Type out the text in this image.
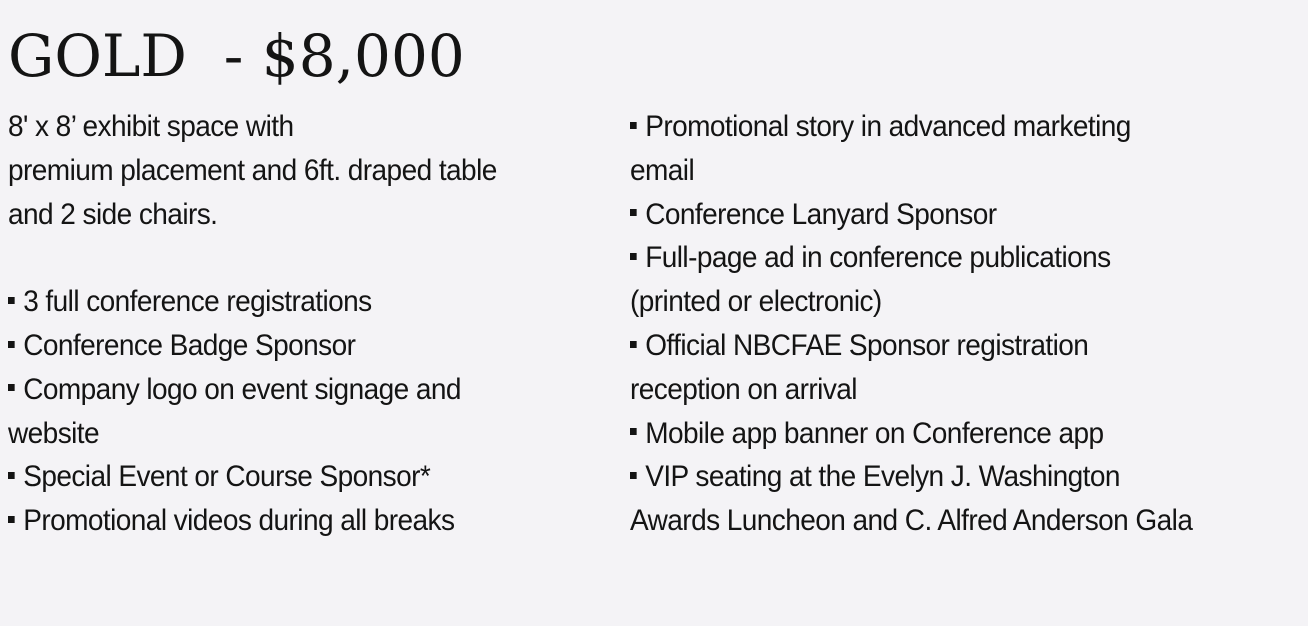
GOLD  - $8,000

8' x 8’ exhibit space with

premium placement and 6ft. draped table

and 2 side chairs.

3 full conference registrations
Conference Badge Sponsor
Company logo on event signage and
website
Special Event or Course Sponsor*
Promotional videos during all breaks
Promotional story in advanced marketing
email
Conference Lanyard Sponsor
Full-page ad in conference publications
(printed or electronic)
Official NBCFAE Sponsor registration
reception on arrival
Mobile app banner on Conference app
VIP seating at the Evelyn J. Washington
Awards Luncheon and C. Alfred Anderson Gala
